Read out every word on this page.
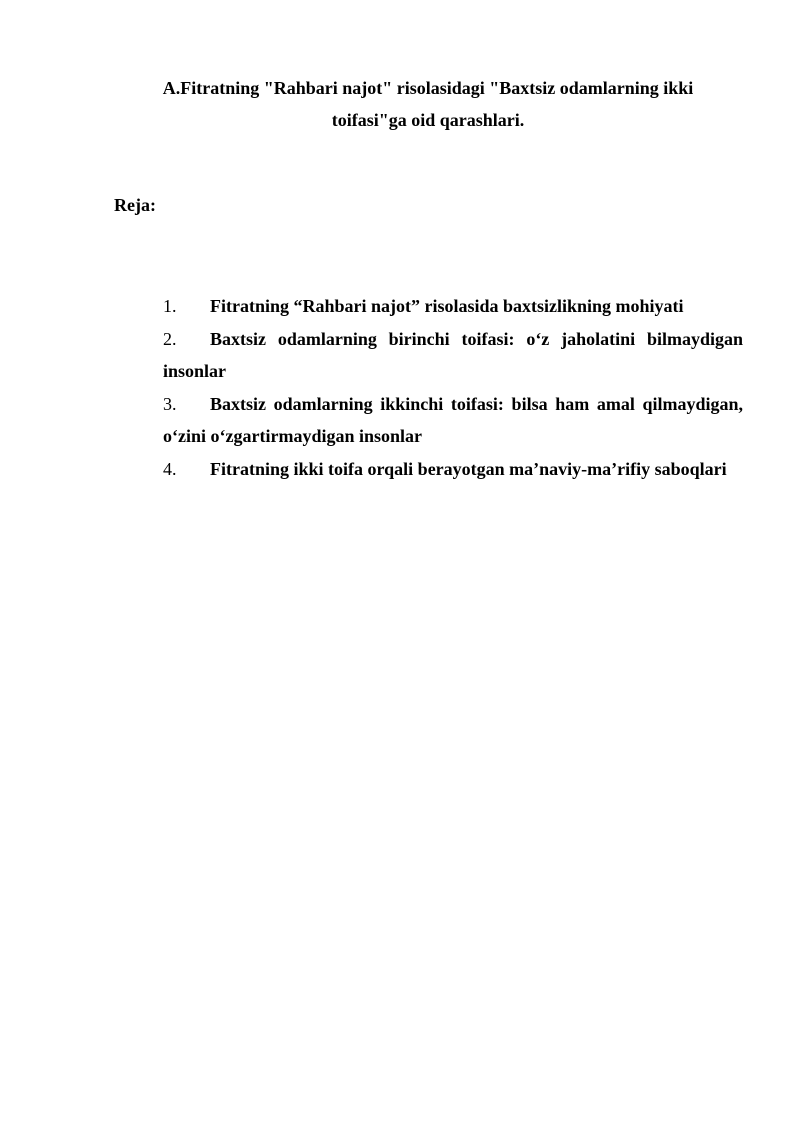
A.Fitratning "Rahbari najot" risolasidagi "Baxtsiz odamlarning ikki
toifasi"ga oid qarashlari.
Reja:
1. Fitratning “Rahbari najot” risolasida baxtsizlikning mohiyati
2. Baxtsiz odamlarning birinchi toifasi: o‘z jaholatini bilmaydigan insonlar
3. Baxtsiz odamlarning ikkinchi toifasi: bilsa ham amal qilmaydigan, o‘zini o‘zgartirmaydigan insonlar
4. Fitratning ikki toifa orqali berayotgan ma’naviy-ma’rifiy saboqlari
